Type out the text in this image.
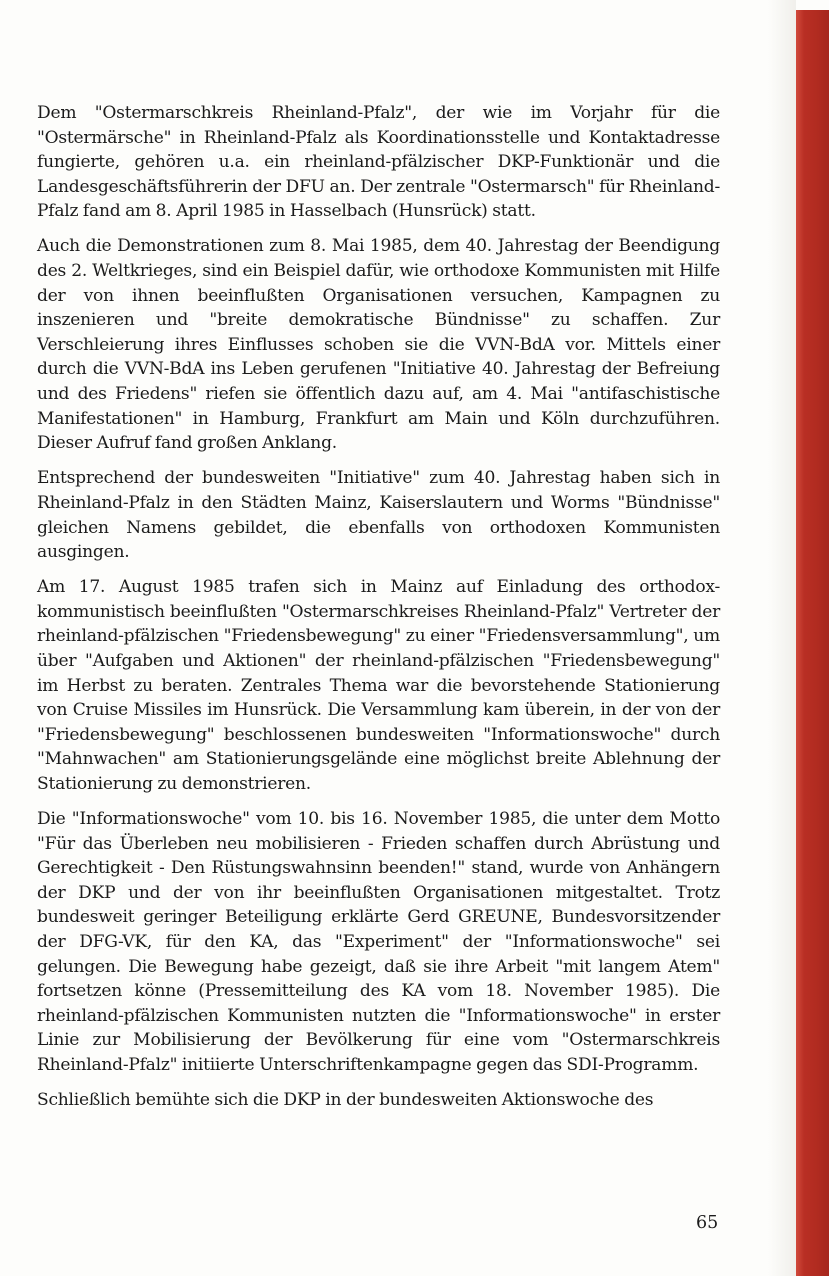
Dem "Ostermarschkreis Rheinland-Pfalz", der wie im Vorjahr für die "Ostermärsche" in Rheinland-Pfalz als Koordinationsstelle und Kontaktadresse fungierte, gehören u.a. ein rheinland-pfälzischer DKP-Funktionär und die Landesgeschäftsführerin der DFU an. Der zentrale "Ostermarsch" für Rheinland-Pfalz fand am 8. April 1985 in Hasselbach (Hunsrück) statt.

Auch die Demonstrationen zum 8. Mai 1985, dem 40. Jahrestag der Beendigung des 2. Weltkrieges, sind ein Beispiel dafür, wie orthodoxe Kommunisten mit Hilfe der von ihnen beeinflußten Organisationen versuchen, Kampagnen zu inszenieren und "breite demokratische Bündnisse" zu schaffen. Zur Verschleierung ihres Einflusses schoben sie die VVN-BdA vor. Mittels einer durch die VVN-BdA ins Leben gerufenen "Initiative 40. Jahrestag der Befreiung und des Friedens" riefen sie öffentlich dazu auf, am 4. Mai "antifaschistische Manifestationen" in Hamburg, Frankfurt am Main und Köln durchzuführen. Dieser Aufruf fand großen Anklang.

Entsprechend der bundesweiten "Initiative" zum 40. Jahrestag haben sich in Rheinland-Pfalz in den Städten Mainz, Kaiserslautern und Worms "Bündnisse" gleichen Namens gebildet, die ebenfalls von orthodoxen Kommunisten ausgingen.

Am 17. August 1985 trafen sich in Mainz auf Einladung des orthodox-kommunistisch beeinflußten "Ostermarschkreises Rheinland-Pfalz" Vertreter der rheinland-pfälzischen "Friedensbewegung" zu einer "Friedensversammlung", um über "Aufgaben und Aktionen" der rheinland-pfälzischen "Friedensbewegung" im Herbst zu beraten. Zentrales Thema war die bevorstehende Stationierung von Cruise Missiles im Hunsrück. Die Versammlung kam überein, in der von der "Friedensbewegung" beschlossenen bundesweiten "Informationswoche" durch "Mahnwachen" am Stationierungsgelände eine möglichst breite Ablehnung der Stationierung zu demonstrieren.

Die "Informationswoche" vom 10. bis 16. November 1985, die unter dem Motto "Für das Überleben neu mobilisieren - Frieden schaffen durch Abrüstung und Gerechtigkeit - Den Rüstungswahnsinn beenden!" stand, wurde von Anhängern der DKP und der von ihr beeinflußten Organisationen mitgestaltet. Trotz bundesweit geringer Beteiligung erklärte Gerd GREUNE, Bundesvorsitzender der DFG-VK, für den KA, das "Experiment" der "Informationswoche" sei gelungen. Die Bewegung habe gezeigt, daß sie ihre Arbeit "mit langem Atem" fortsetzen könne (Pressemitteilung des KA vom 18. November 1985). Die rheinland-pfälzischen Kommunisten nutzten die "Informationswoche" in erster Linie zur Mobilisierung der Bevölkerung für eine vom "Ostermarschkreis Rheinland-Pfalz" initiierte Unterschriftenkampagne gegen das SDI-Programm.

Schließlich bemühte sich die DKP in der bundesweiten Aktionswoche des

65
